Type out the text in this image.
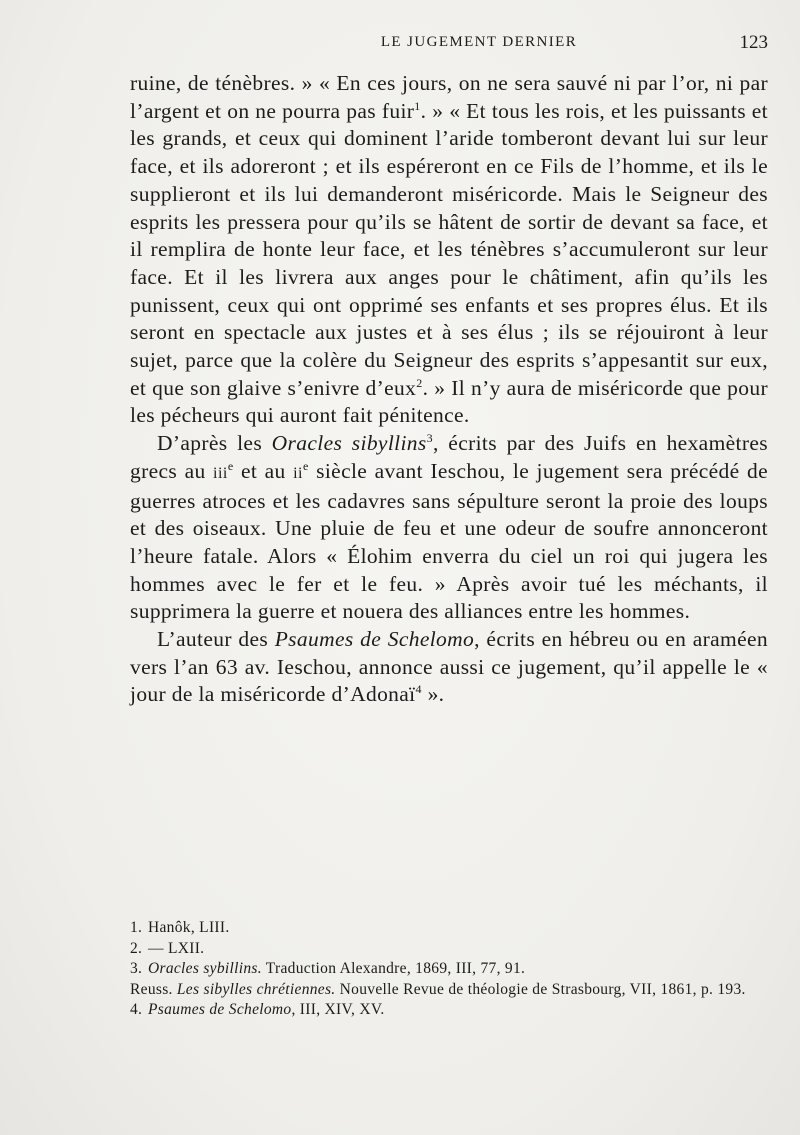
LE JUGEMENT DERNIER	123

ruine, de ténèbres. » « En ces jours, on ne sera sauvé ni par l’or, ni par l’argent et on ne pourra pas fuir$^1$. » « Et tous les rois, et les puissants et les grands, et ceux qui dominent l’aride tomberont devant lui sur leur face, et ils adoreront ; et ils espéreront en ce Fils de l’homme, et ils le supplieront et ils lui demanderont miséricorde. Mais le Seigneur des esprits les pressera pour qu’ils se hâtent de sortir de devant sa face, et il remplira de honte leur face, et les ténèbres s’accumuleront sur leur face. Et il les livrera aux anges pour le châtiment, afin qu’ils les punissent, ceux qui ont opprimé ses enfants et ses propres élus. Et ils seront en spectacle aux justes et à ses élus ; ils se réjouiront à leur sujet, parce que la colère du Seigneur des esprits s’appesantit sur eux, et que son glaive s’enivre d’eux$^2$. » Il n’y aura de miséricorde que pour les pécheurs qui auront fait pénitence.

D’après les Oracles sibyllins$^3$, écrits par des Juifs en hexamètres grecs au iii$^e$ et au $ii^e$ siècle avant Ieschou, le jugement sera précédé de guerres atroces et les cadavres sans sépulture seront la proie des loups et des oiseaux. Une pluie de feu et une odeur de soufre annonceront l’heure fatale. Alors « Élohim enverra du ciel un roi qui jugera les hommes avec le fer et le feu. » Après avoir tué les méchants, il supprimera la guerre et nouera des alliances entre les hommes.

L’auteur des Psaumes de Schelomo, écrits en hébreu ou en araméen vers l’an 63 av. Ieschou, annonce aussi ce jugement, qu’il appelle le « jour de la miséricorde d’Adonaï$^4$ ».

1. Hanôk, LIII.

2. — LXII.

3. Oracles sybillins. Traduction Alexandre, 1869, III, 77, 91.

Reuss. Les sibylles chrétiennes. Nouvelle Revue de théologie de Strasbourg, VII, 1861, p. 193.

4. Psaumes de Schelomo, III, XIV, XV.
